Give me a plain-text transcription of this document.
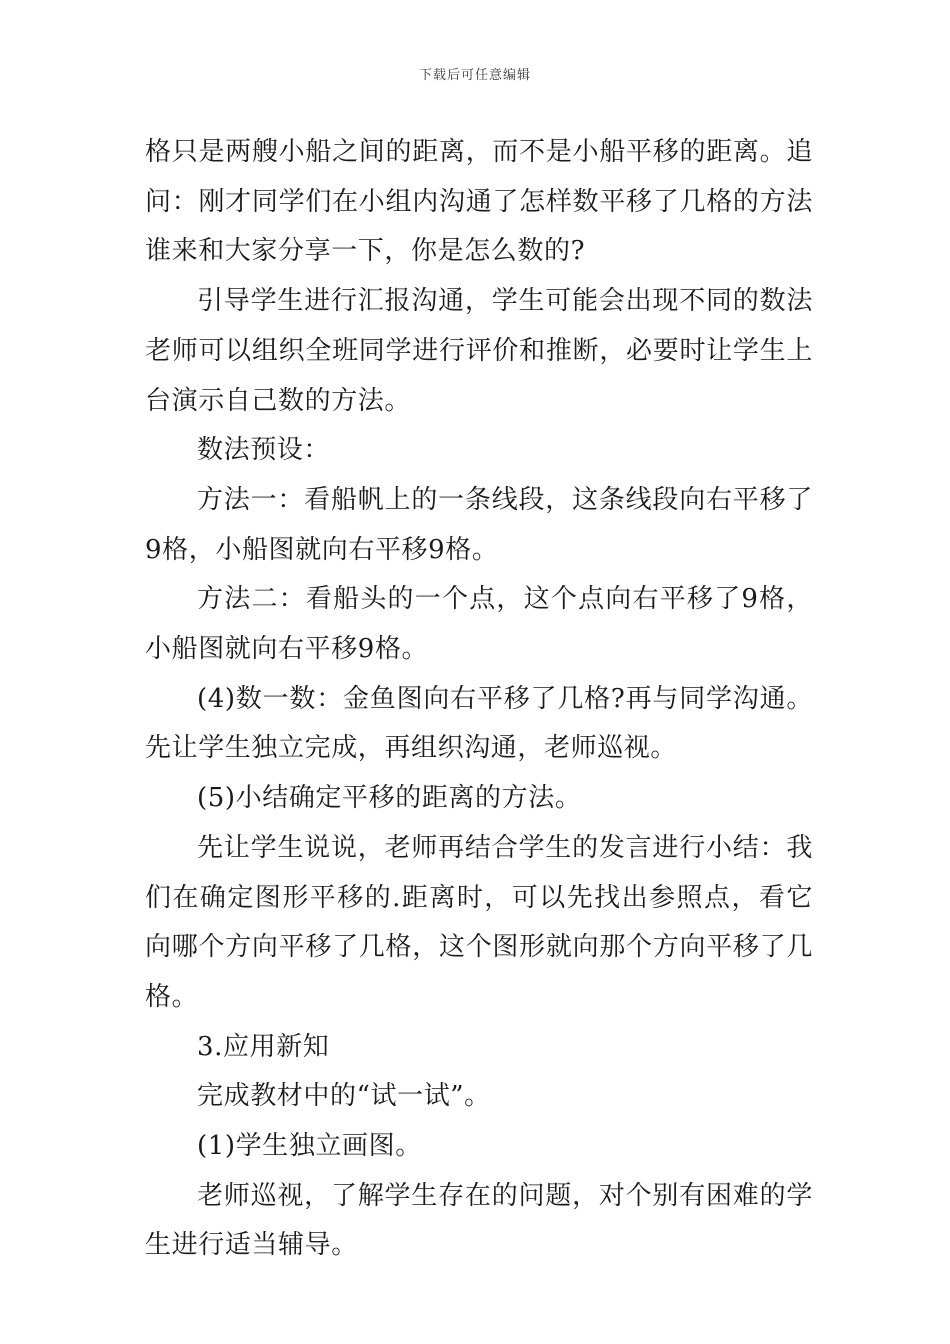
下载后可任意编辑

格只是两艘小船之间的距离，而不是小船平移的距离。追问：刚才同学们在小组内沟通了怎样数平移了几格的方法谁来和大家分享一下，你是怎么数的?

引导学生进行汇报沟通，学生可能会出现不同的数法老师可以组织全班同学进行评价和推断，必要时让学生上台演示自己数的方法。

数法预设：

方法一：看船帆上的一条线段，这条线段向右平移了9格，小船图就向右平移9格。

方法二：看船头的一个点，这个点向右平移了9格，小船图就向右平移9格。

(4)数一数：金鱼图向右平移了几格?再与同学沟通。先让学生独立完成，再组织沟通，老师巡视。

(5)小结确定平移的距离的方法。

先让学生说说，老师再结合学生的发言进行小结：我们在确定图形平移的.距离时，可以先找出参照点，看它向哪个方向平移了几格，这个图形就向那个方向平移了几格。

3.应用新知

完成教材中的“试一试”。

(1)学生独立画图。

老师巡视，了解学生存在的问题，对个别有困难的学生进行适当辅导。
